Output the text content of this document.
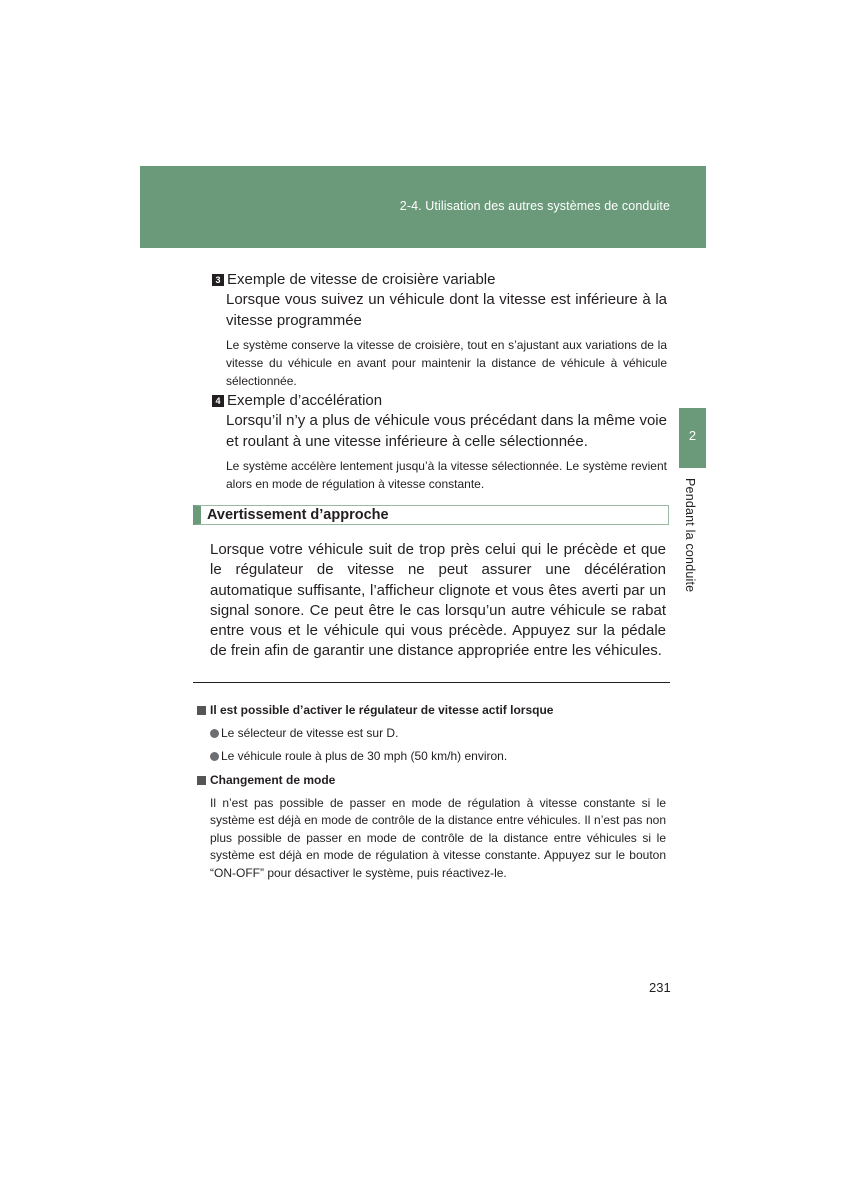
2-4. Utilisation des autres systèmes de conduite
2
Pendant la conduite
3 Exemple de vitesse de croisière variable
Lorsque vous suivez un véhicule dont la vitesse est inférieure à la vitesse programmée
Le système conserve la vitesse de croisière, tout en s’ajustant aux variations de la vitesse du véhicule en avant pour maintenir la distance de véhicule à véhicule sélectionnée.
4 Exemple d’accélération
Lorsqu’il n’y a plus de véhicule vous précédant dans la même voie et roulant à une vitesse inférieure à celle sélectionnée.
Le système accélère lentement jusqu’à la vitesse sélectionnée. Le système revient alors en mode de régulation à vitesse constante.
Avertissement d’approche
Lorsque votre véhicule suit de trop près celui qui le précède et que le régulateur de vitesse ne peut assurer une décélération automatique suffisante, l’afficheur clignote et vous êtes averti par un signal sonore. Ce peut être le cas lorsqu’un autre véhicule se rabat entre vous et le véhicule qui vous précède. Appuyez sur la pédale de frein afin de garantir une distance appropriée entre les véhicules.
Il est possible d’activer le régulateur de vitesse actif lorsque
Le sélecteur de vitesse est sur D.
Le véhicule roule à plus de 30 mph (50 km/h) environ.
Changement de mode
Il n’est pas possible de passer en mode de régulation à vitesse constante si le système est déjà en mode de contrôle de la distance entre véhicules. Il n’est pas non plus possible de passer en mode de contrôle de la distance entre véhicules si le système est déjà en mode de régulation à vitesse constante. Appuyez sur le bouton “ON-OFF” pour désactiver le système, puis réactivez-le.
231
